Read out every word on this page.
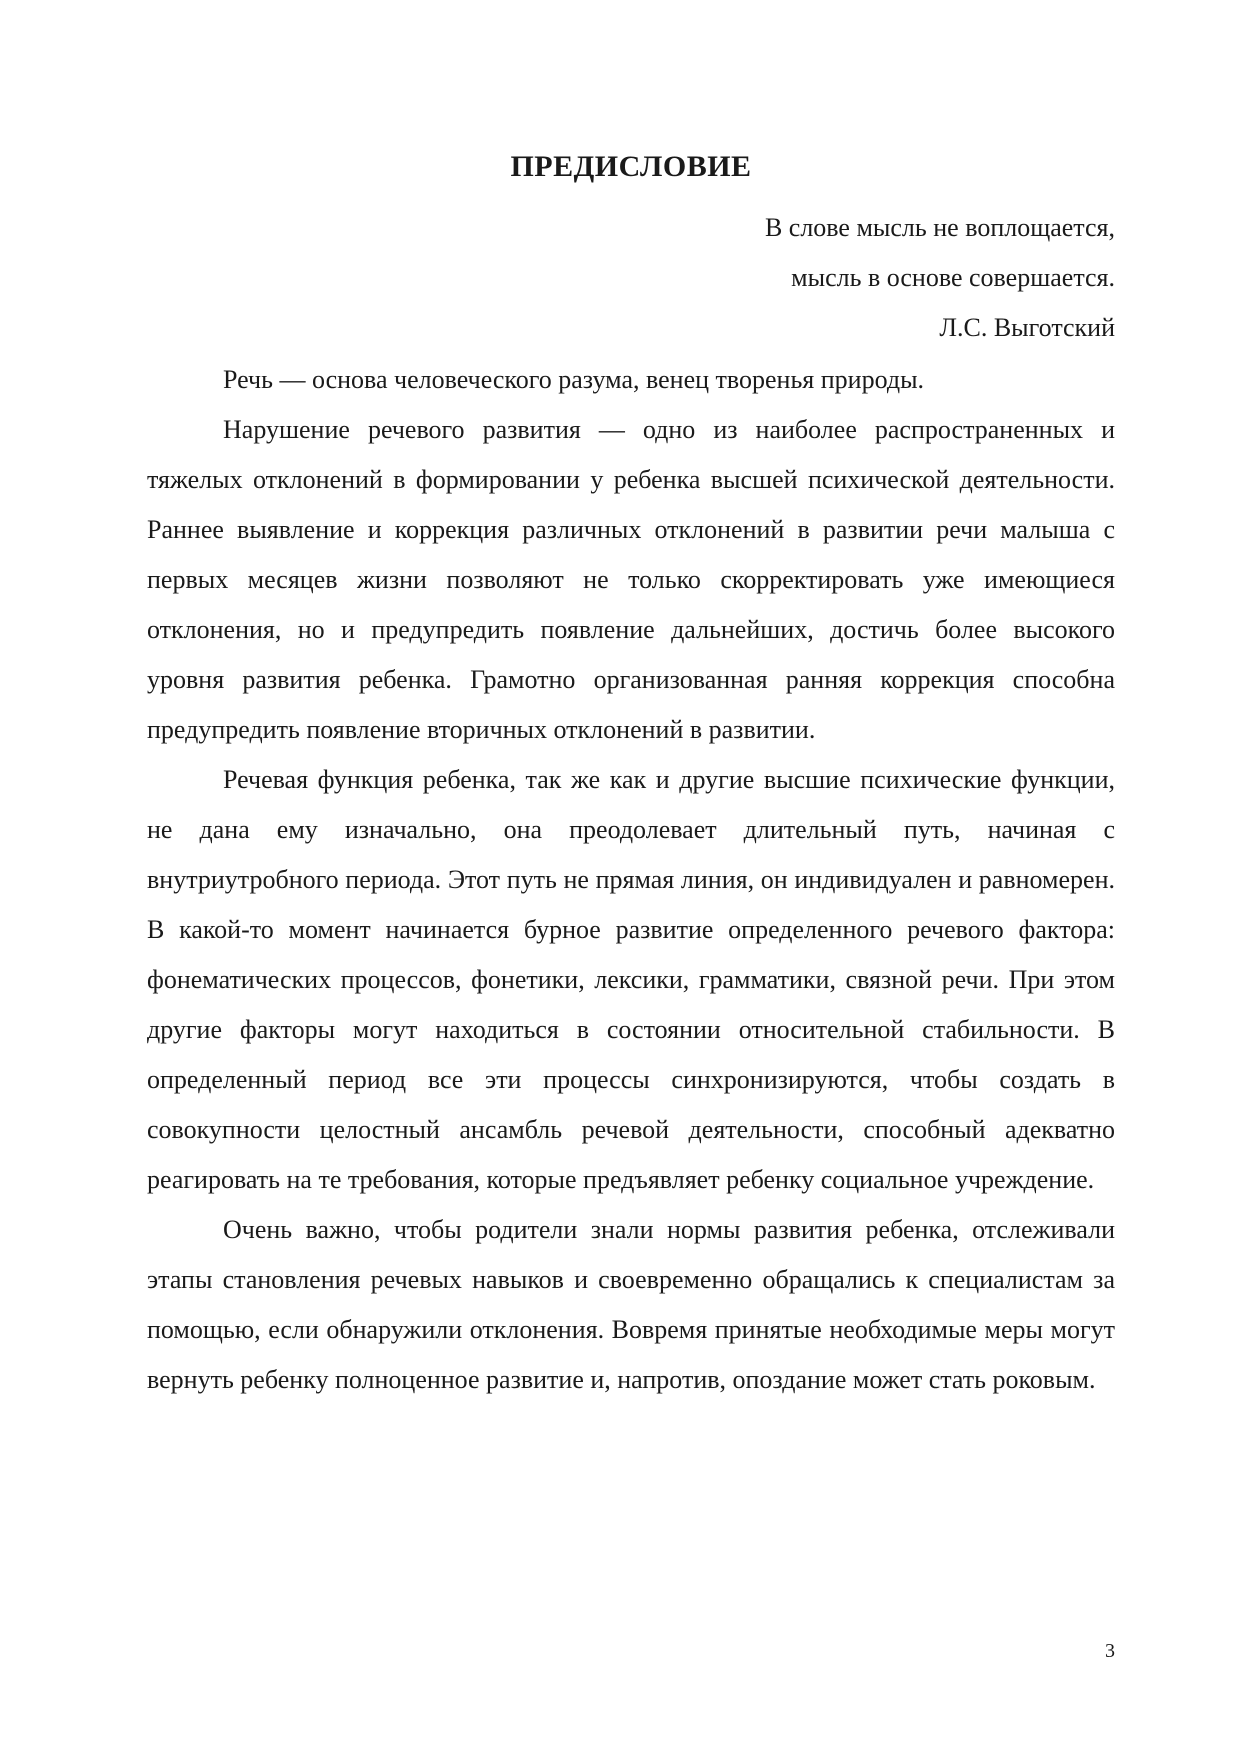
ПРЕДИСЛОВИЕ
В слове мысль не воплощается,
мысль в основе совершается.
Л.С. Выготский

Речь — основа человеческого разума, венец творенья природы.

Нарушение речевого развития — одно из наиболее распространенных и тяжелых отклонений в формировании у ребенка высшей психической деятельности. Раннее выявление и коррекция различных отклонений в развитии речи малыша с первых месяцев жизни позволяют не только скорректировать уже имеющиеся отклонения, но и предупредить появление дальнейших, достичь более высокого уровня развития ребенка. Грамотно организованная ранняя коррекция способна предупредить появление вторичных отклонений в развитии.

Речевая функция ребенка, так же как и другие высшие психические функции, не дана ему изначально, она преодолевает длительный путь, начиная с внутриутробного периода. Этот путь не прямая линия, он индивидуален и равномерен. В какой-то момент начинается бурное развитие определенного речевого фактора: фонематических процессов, фонетики, лексики, грамматики, связной речи. При этом другие факторы могут находиться в состоянии относительной стабильности. В определенный период все эти процессы синхронизируются, чтобы создать в совокупности целостный ансамбль речевой деятельности, способный адекватно реагировать на те требования, которые предъявляет ребенку социальное учреждение.

Очень важно, чтобы родители знали нормы развития ребенка, отслеживали этапы становления речевых навыков и своевременно обращались к специалистам за помощью, если обнаружили отклонения. Вовремя принятые необходимые меры могут вернуть ребенку полноценное развитие и, напротив, опоздание может стать роковым.

3
